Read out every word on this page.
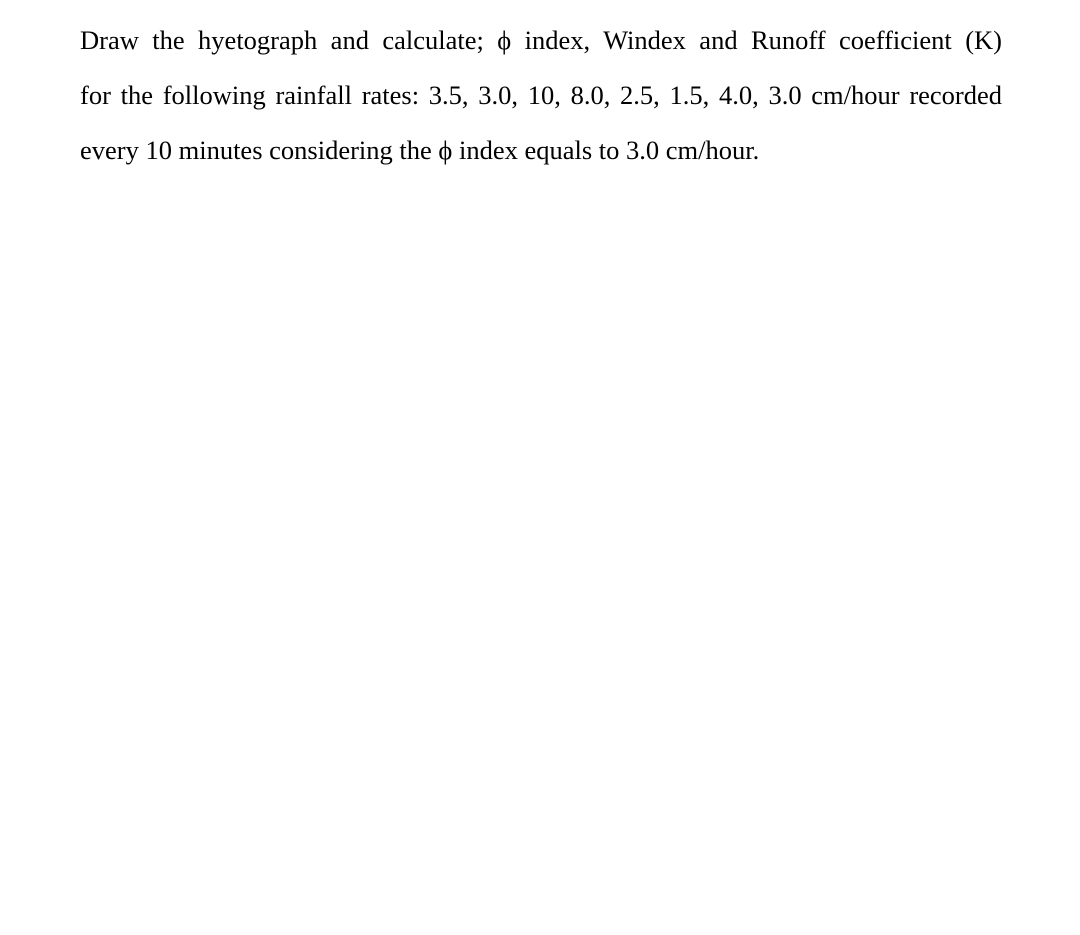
Draw the hyetograph and calculate; ϕ index, Windex and Runoff coefficient (K)
for the following rainfall rates: 3.5, 3.0, 10, 8.0, 2.5, 1.5, 4.0, 3.0 cm/hour recorded
every 10 minutes considering the ϕ index equals to 3.0 cm/hour.
